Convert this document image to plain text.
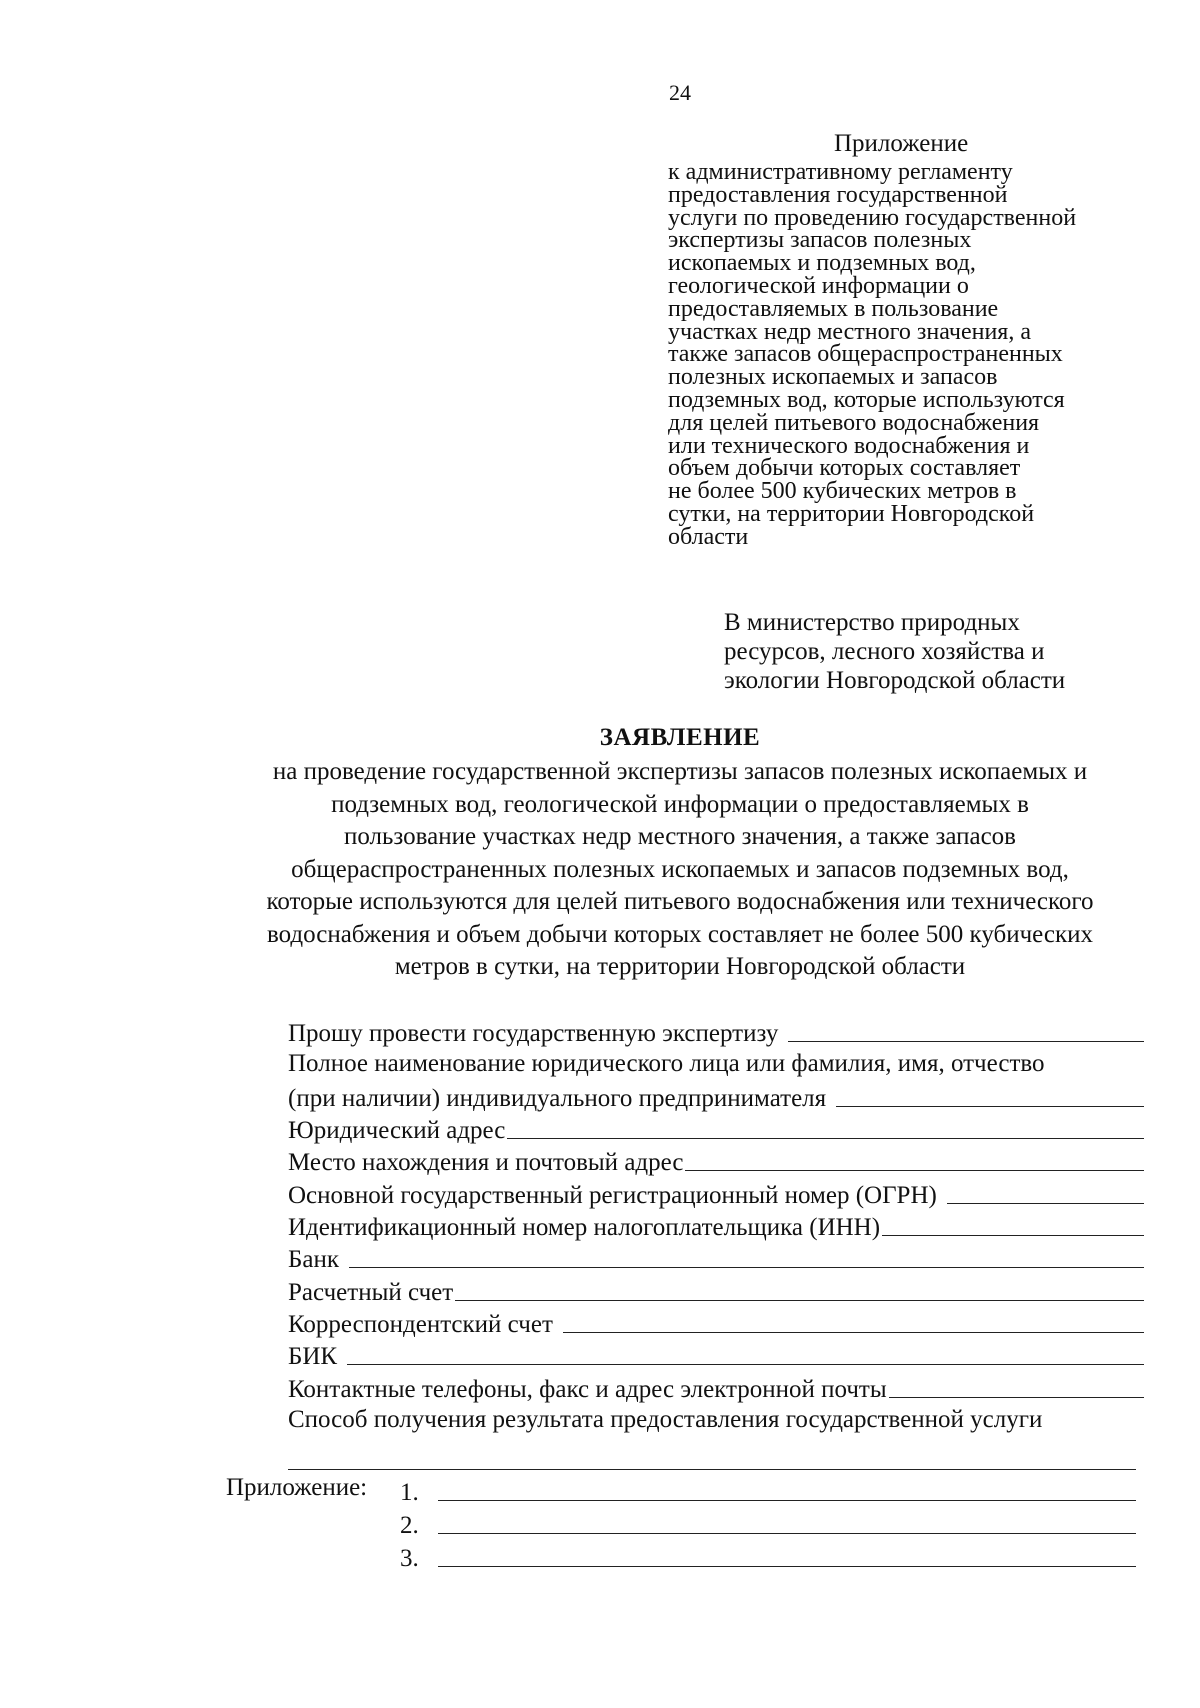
24
Приложение
к административному регламенту
предоставления государственной
услуги по проведению государственной
экспертизы запасов полезных
ископаемых и подземных вод,
геологической информации о
предоставляемых в пользование
участках недр местного значения, а
также запасов общераспространенных
полезных ископаемых и запасов
подземных вод, которые используются
для целей питьевого водоснабжения
или технического водоснабжения и
объем добычи которых составляет
не более 500 кубических метров в
сутки, на территории Новгородской
области
В министерство природных
ресурсов, лесного хозяйства и
экологии Новгородской области
ЗАЯВЛЕНИЕ
на проведение государственной экспертизы запасов полезных ископаемых и
подземных вод, геологической информации о предоставляемых в
пользование участках недр местного значения, а также запасов
общераспространенных полезных ископаемых и запасов подземных вод,
которые используются для целей питьевого водоснабжения или технического
водоснабжения и объем добычи которых составляет не более 500 кубических
метров в сутки, на территории Новгородской области
Прошу провести государственную экспертизу
Полное наименование юридического лица или фамилия, имя, отчество
(при наличии) индивидуального предпринимателя
Юридический адрес
Место нахождения и почтовый адрес
Основной государственный регистрационный номер (ОГРН)
Идентификационный номер налогоплательщика (ИНН)
Банк
Расчетный счет
Корреспондентский счет
БИК
Контактные телефоны, факс и адрес электронной почты
Способ получения результата предоставления государственной услуги
Приложение: 1.
2.
3.
